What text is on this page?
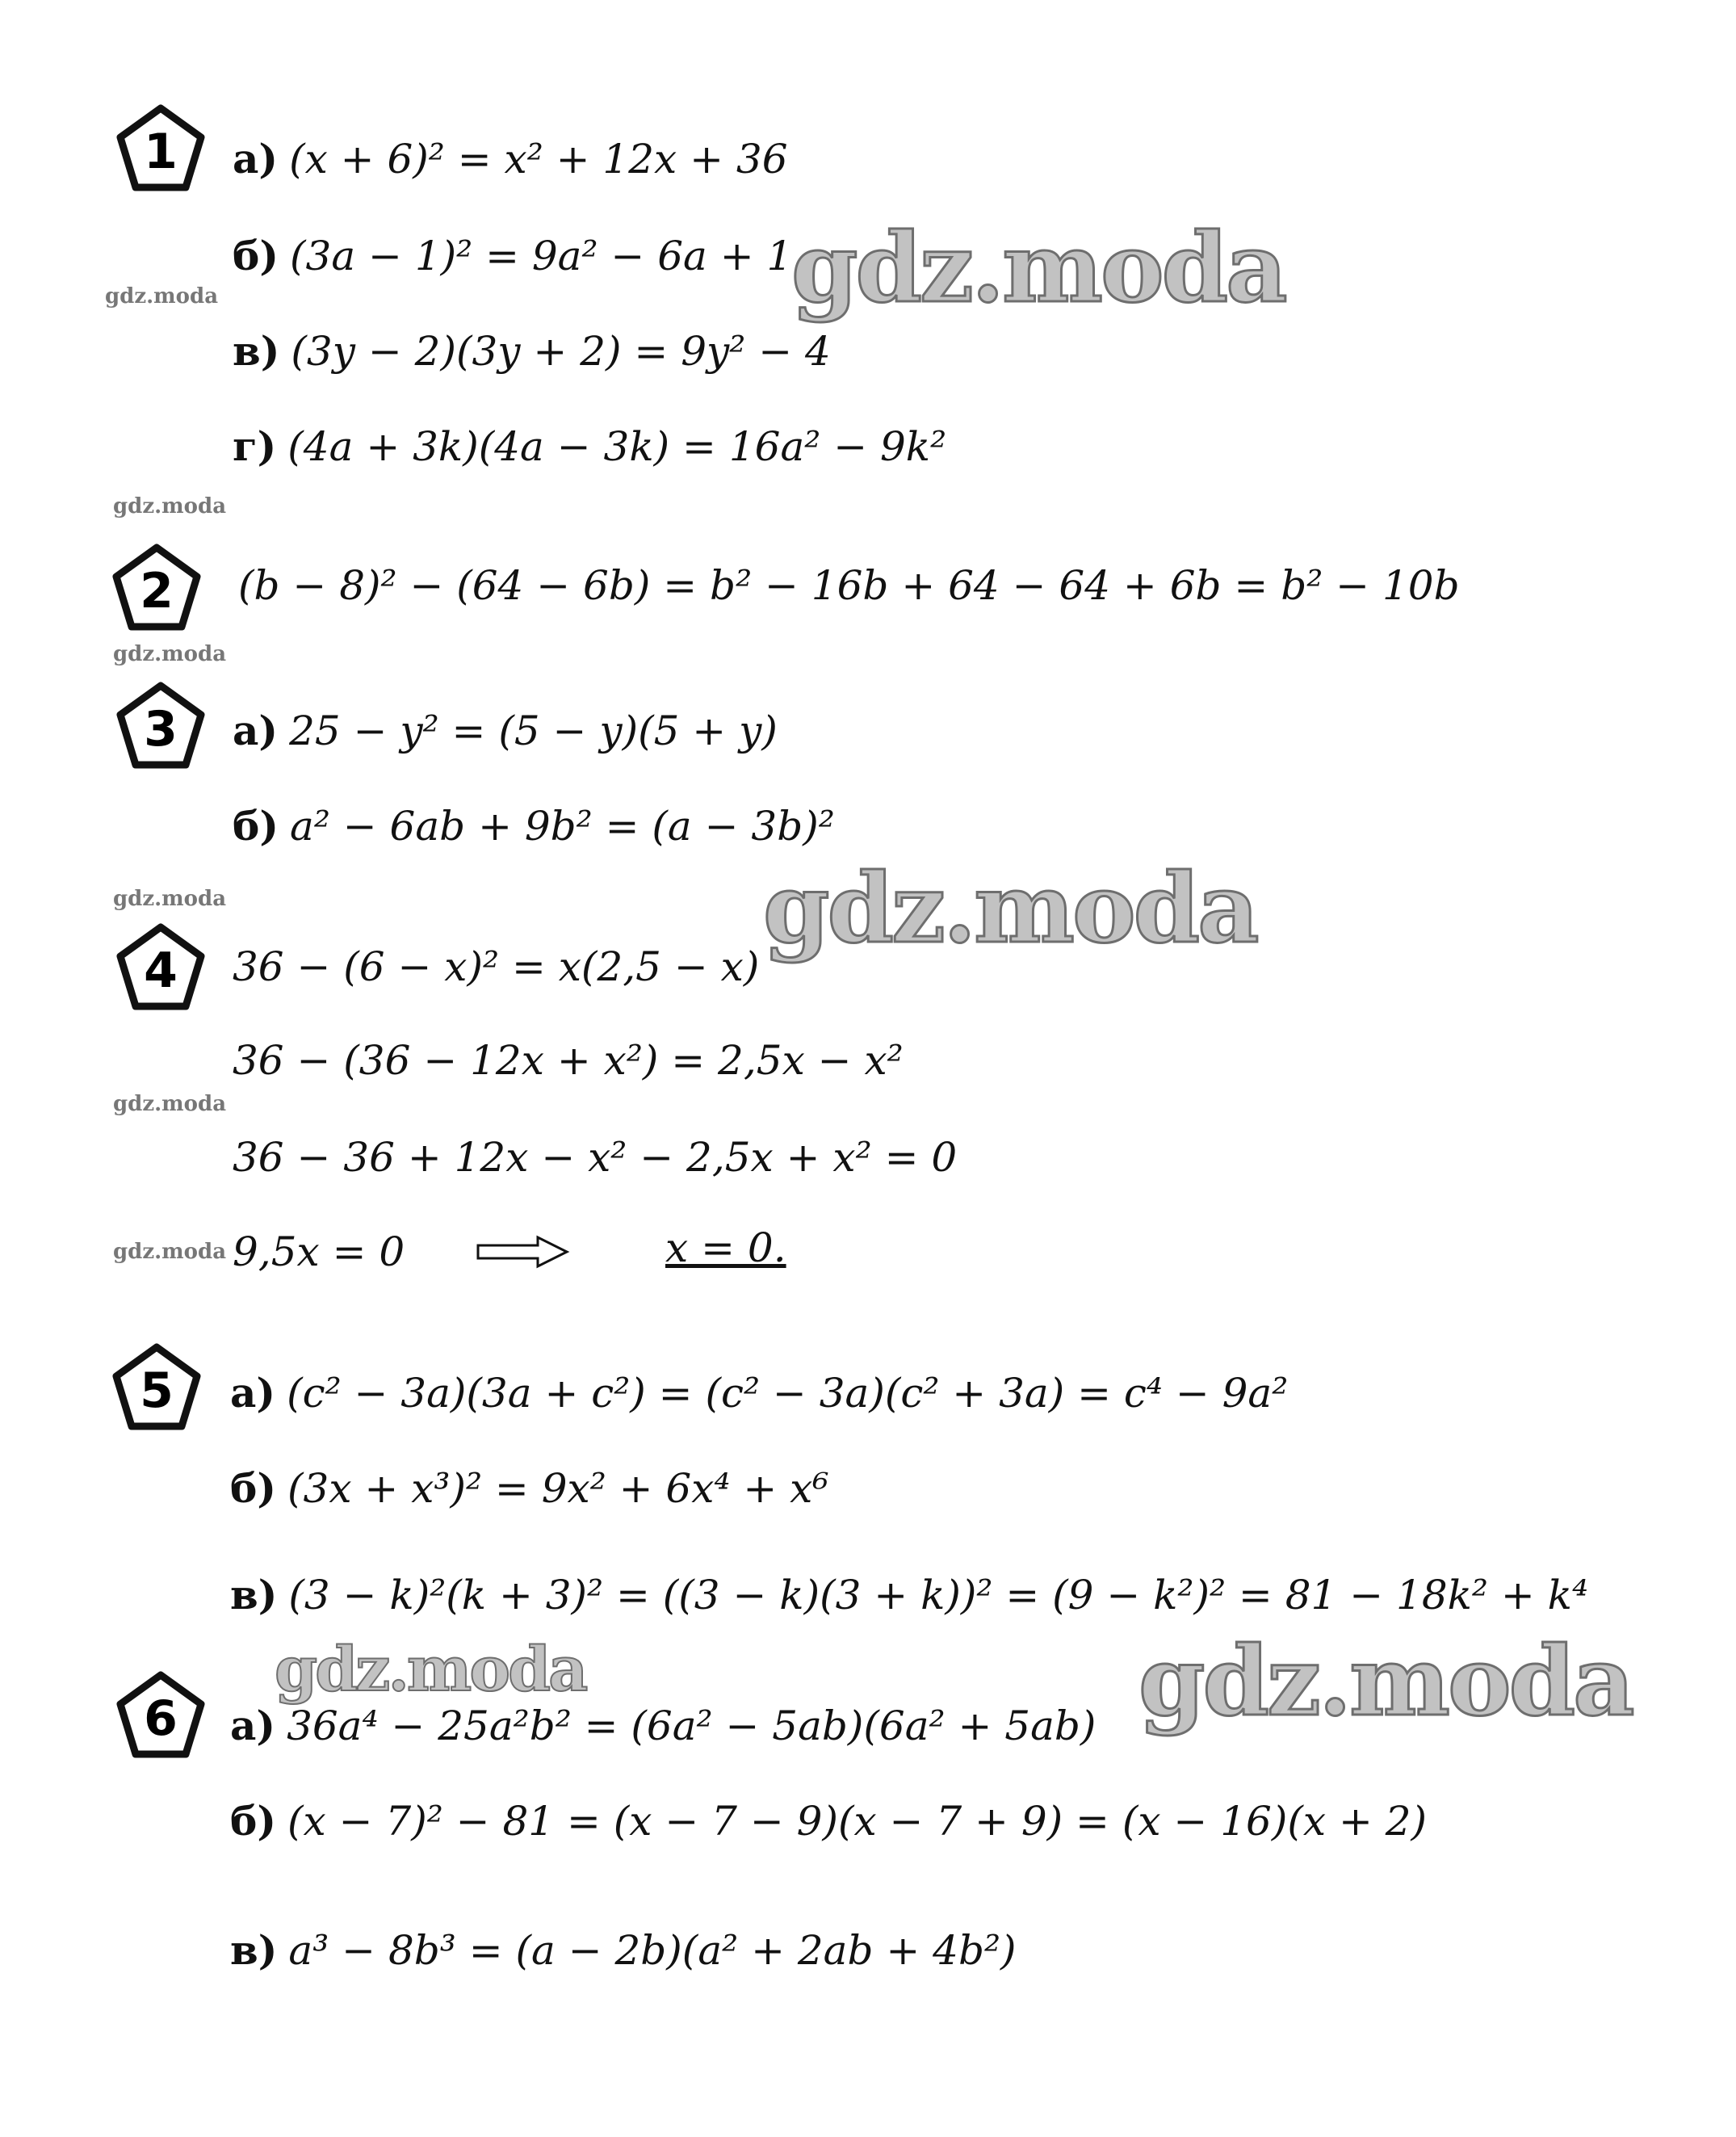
1
2
3
4
5
6
а) (x + 6)² = x² + 12x + 36
б) (3a − 1)² = 9a² − 6a + 1
в) (3y − 2)(3y + 2) = 9y² − 4
г) (4a + 3k)(4a − 3k) = 16a² − 9k²
(b − 8)² − (64 − 6b) = b² − 16b + 64 − 64 + 6b = b² − 10b
а) 25 − y² = (5 − y)(5 + y)
б) a² − 6ab + 9b² = (a − 3b)²
36 − (6 − x)² = x(2,5 − x)
36 − (36 − 12x + x²) = 2,5x − x²
36 − 36 + 12x − x² − 2,5x + x² = 0
9,5x = 0	x = 0.
а) (c² − 3a)(3a + c²) = (c² − 3a)(c² + 3a) = c⁴ − 9a²
б) (3x + x³)² = 9x² + 6x⁴ + x⁶
в) (3 − k)²(k + 3)² = ((3 − k)(3 + k))² = (9 − k²)² = 81 − 18k² + k⁴
а) 36a⁴ − 25a²b² = (6a² − 5ab)(6a² + 5ab)
б) (x − 7)² − 81 = (x − 7 − 9)(x − 7 + 9) = (x − 16)(x + 2)
в) a³ − 8b³ = (a − 2b)(a² + 2ab + 4b²)
gdz.moda
gdz.moda
gdz.moda
gdz.moda
gdz.moda
gdz.moda
gdz.moda
gdz.moda
gdz.moda
gdz.moda
